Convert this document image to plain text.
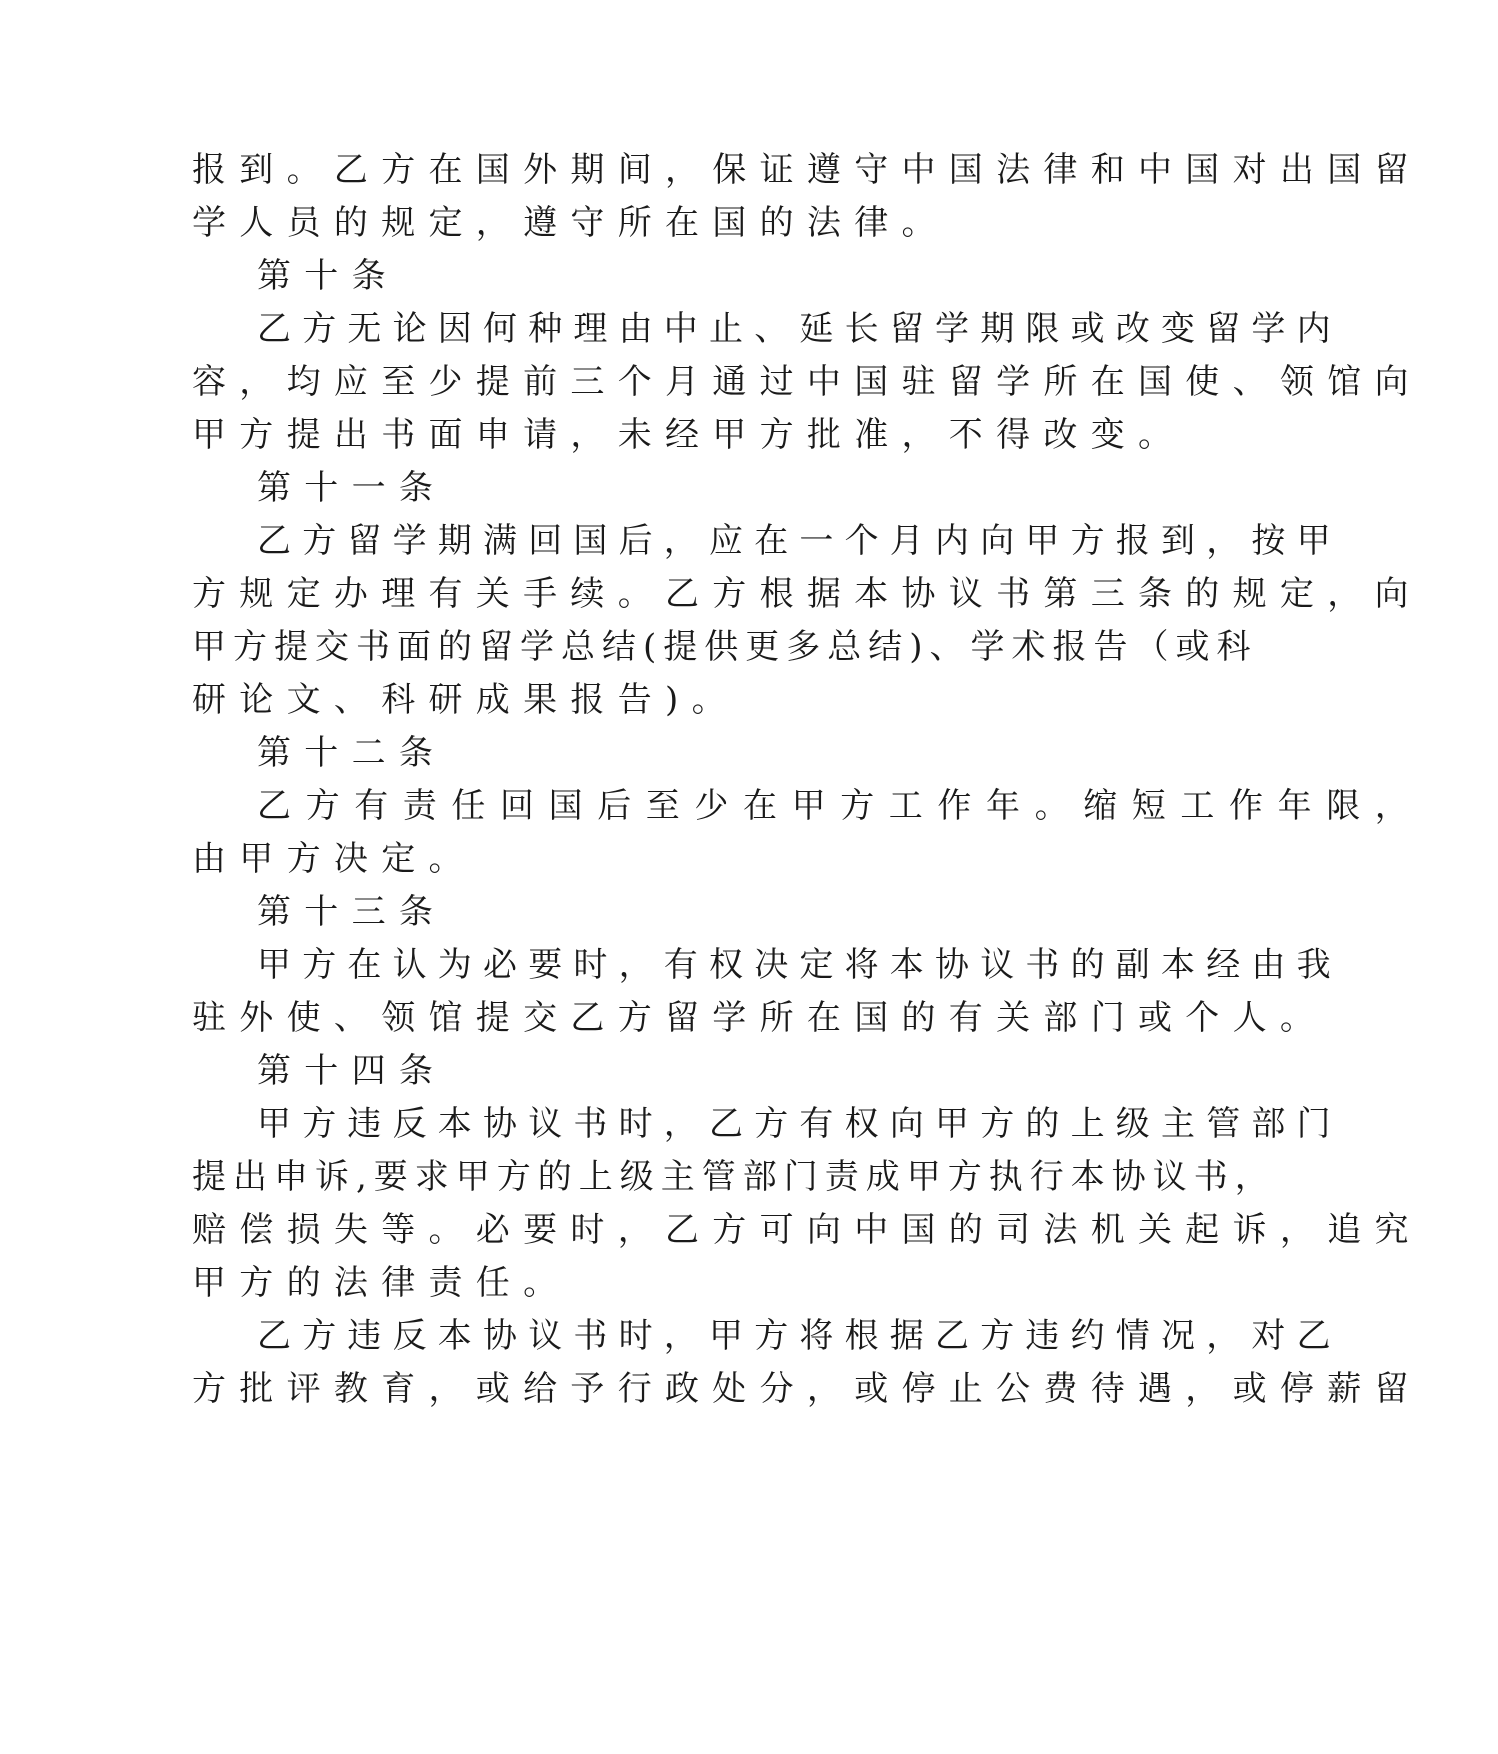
报到。乙方在国外期间，保证遵守中国法律和中国对出国留

学人员的规定，遵守所在国的法律。

第十条

乙方无论因何种理由中止、延长留学期限或改变留学内

容，均应至少提前三个月通过中国驻留学所在国使、领馆向

甲方提出书面申请，未经甲方批准，不得改变。

第十一条

乙方留学期满回国后，应在一个月内向甲方报到，按甲

方规定办理有关手续。乙方根据本协议书第三条的规定，向

甲方提交书面的留学总结(提供更多总结)、学术报告（或科

研论文、科研成果报告)。

第十二条

乙方有责任回国后至少在甲方工作年。缩短工作年限，

由甲方决定。

第十三条

甲方在认为必要时，有权决定将本协议书的副本经由我

驻外使、领馆提交乙方留学所在国的有关部门或个人。

第十四条

甲方违反本协议书时，乙方有权向甲方的上级主管部门

提出申诉,要求甲方的上级主管部门责成甲方执行本协议书，

赔偿损失等。必要时，乙方可向中国的司法机关起诉，追究

甲方的法律责任。

乙方违反本协议书时，甲方将根据乙方违约情况，对乙

方批评教育，或给予行政处分，或停止公费待遇，或停薪留
